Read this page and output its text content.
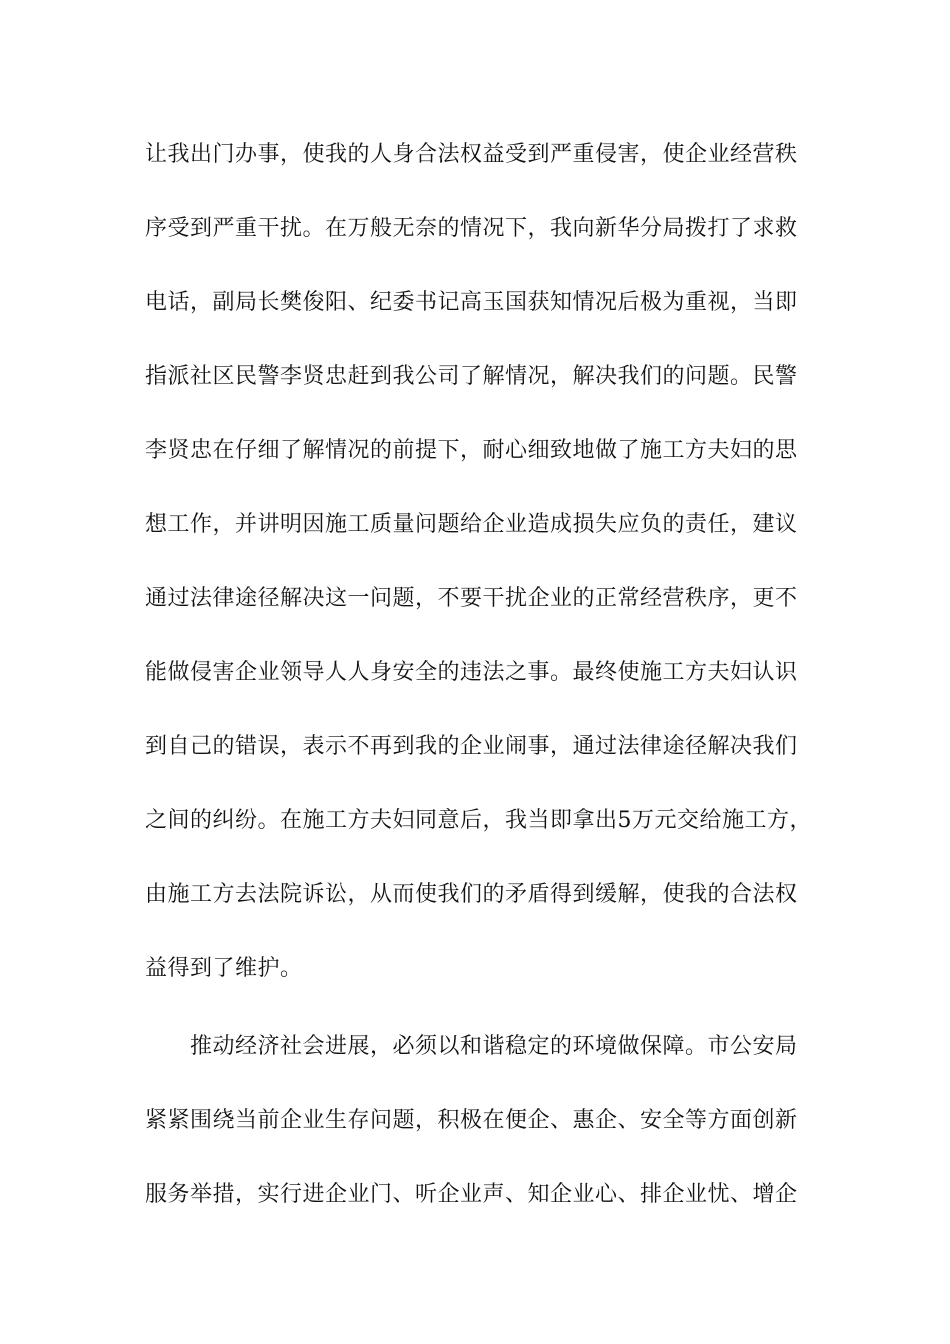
让我出门办事，使我的人身合法权益受到严重侵害，使企业经营秩
序受到严重干扰。在万般无奈的情况下，我向新华分局拨打了求救
电话，副局长樊俊阳、纪委书记高玉国获知情况后极为重视，当即
指派社区民警李贤忠赶到我公司了解情况，解决我们的问题。民警
李贤忠在仔细了解情况的前提下，耐心细致地做了施工方夫妇的思
想工作，并讲明因施工质量问题给企业造成损失应负的责任，建议
通过法律途径解决这一问题，不要干扰企业的正常经营秩序，更不
能做侵害企业领导人人身安全的违法之事。最终使施工方夫妇认识
到自己的错误，表示不再到我的企业闹事，通过法律途径解决我们
之间的纠纷。在施工方夫妇同意后，我当即拿出5万元交给施工方，
由施工方去法院诉讼，从而使我们的矛盾得到缓解，使我的合法权
益得到了维护。
推动经济社会进展，必须以和谐稳定的环境做保障。市公安局
紧紧围绕当前企业生存问题，积极在便企、惠企、安全等方面创新
服务举措，实行进企业门、听企业声、知企业心、排企业忧、增企
